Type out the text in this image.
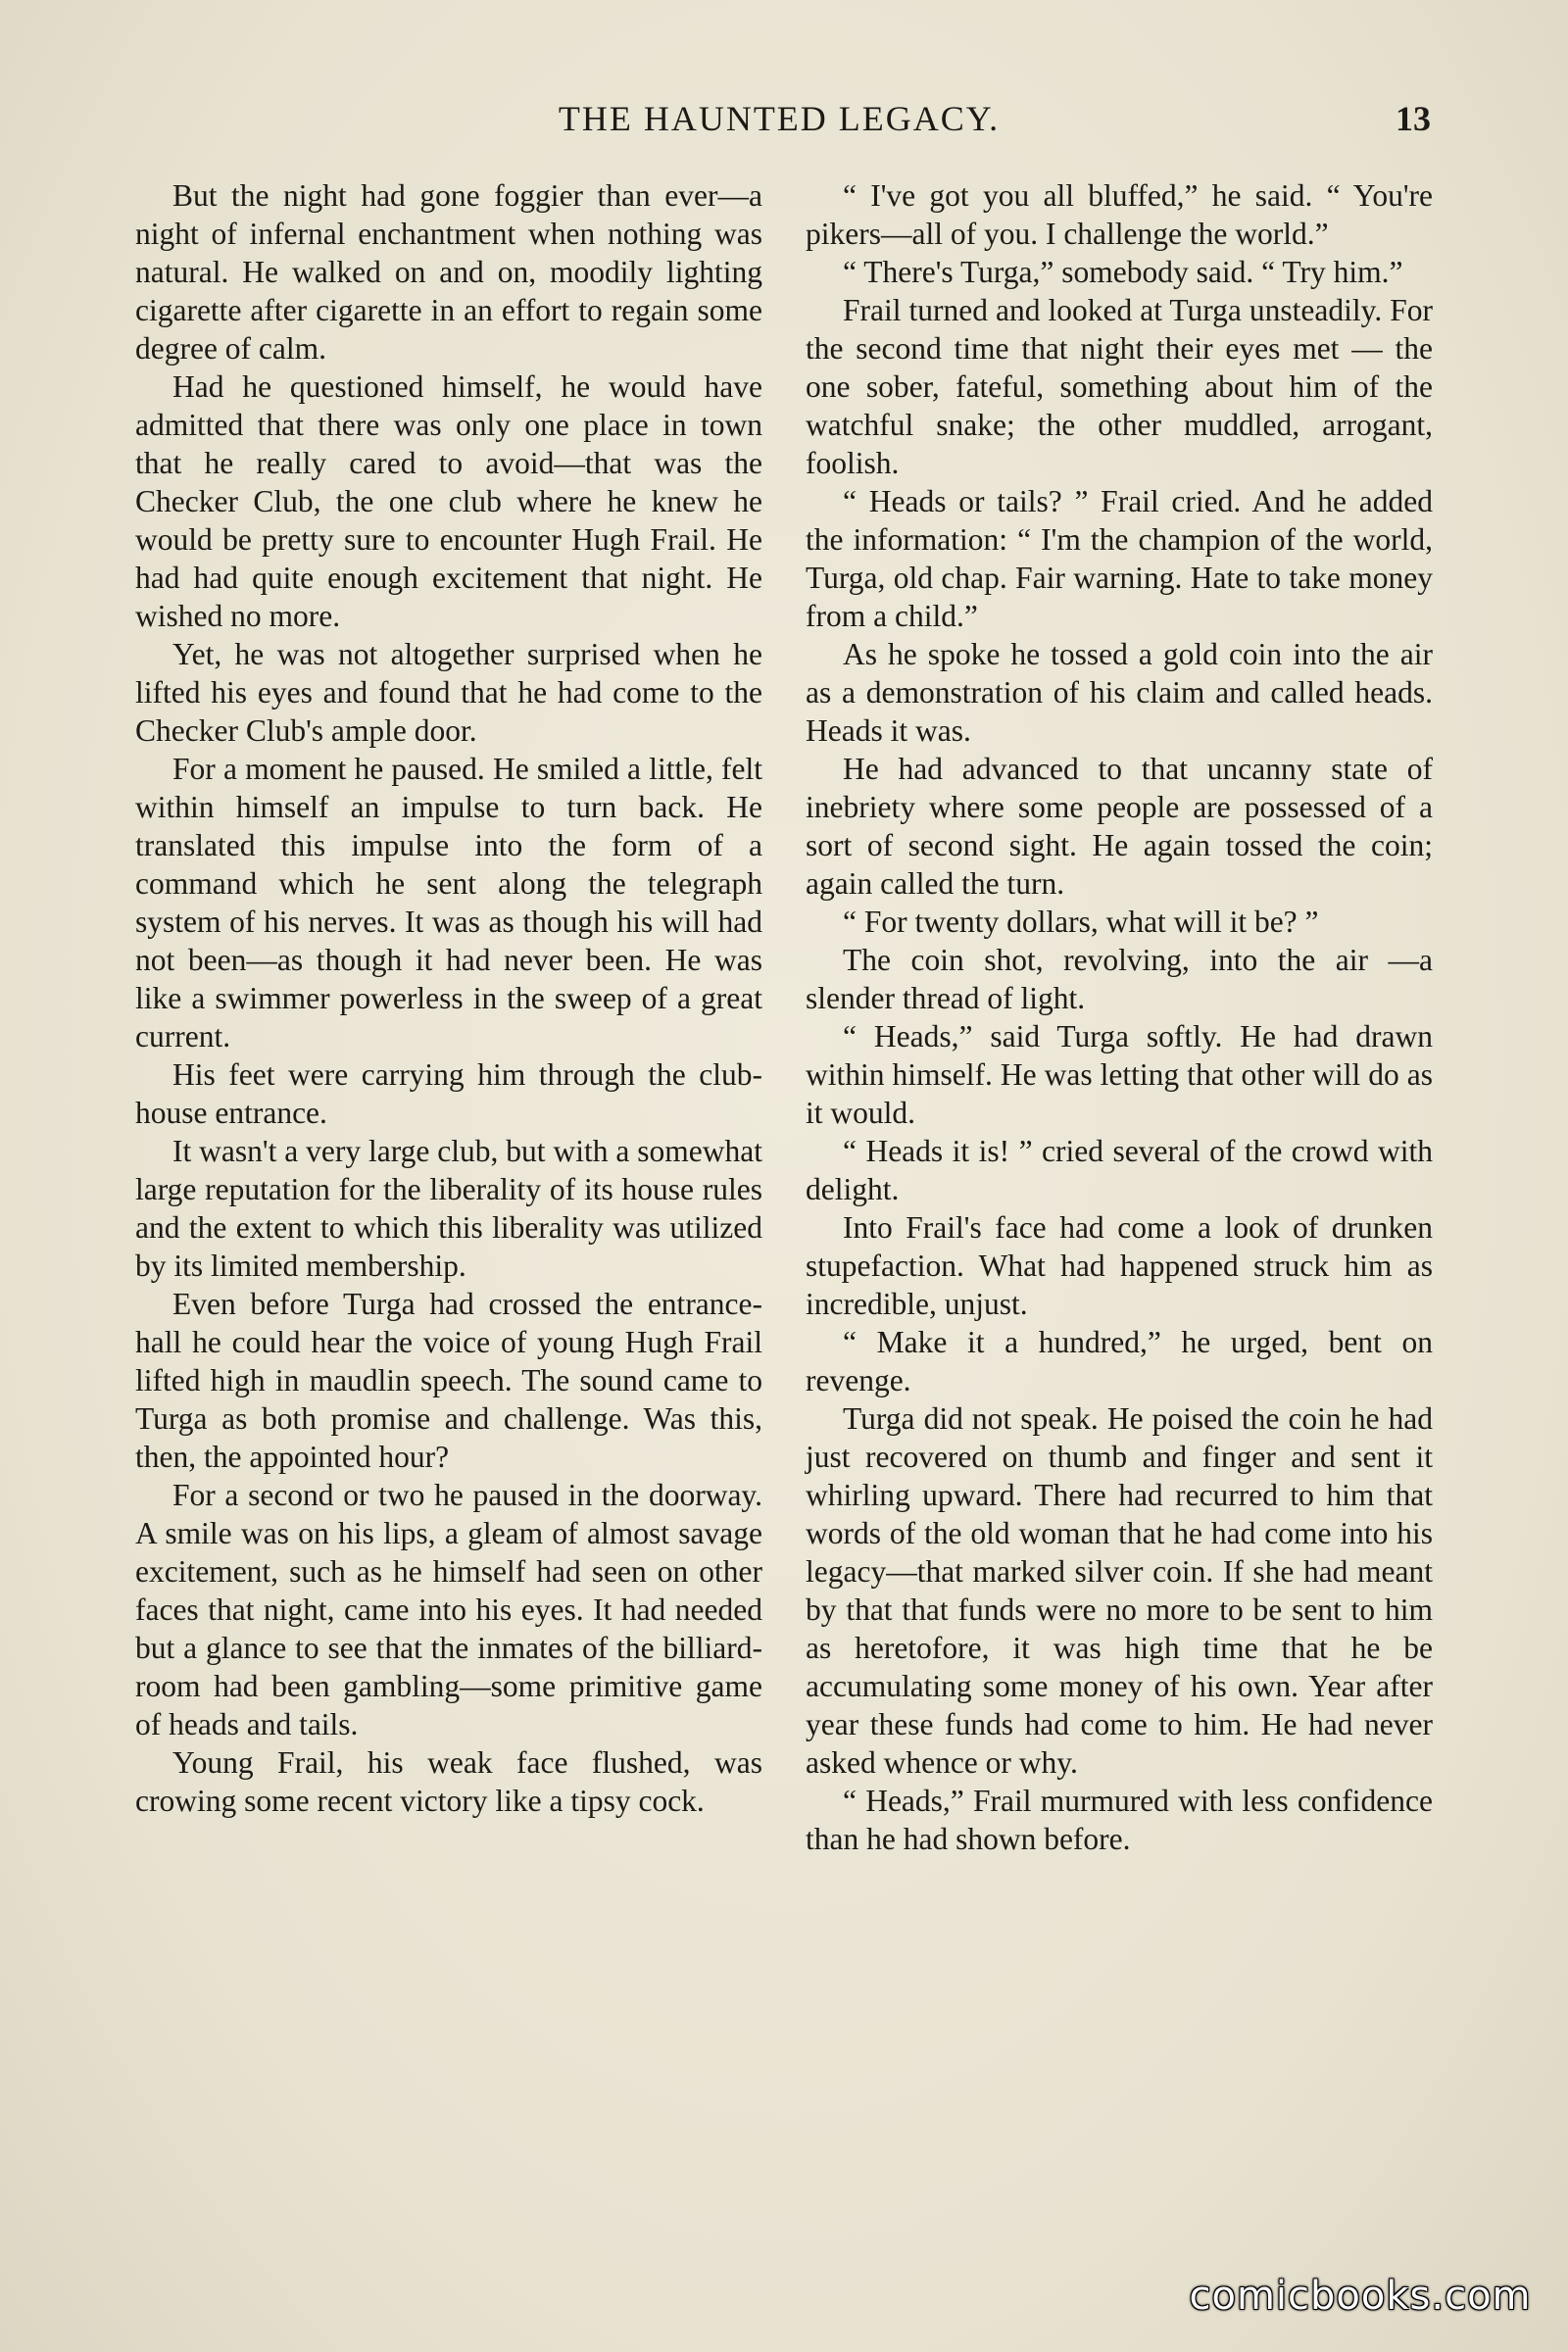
THE HAUNTED LEGACY.	13

But the night had gone foggier than ever—a night of infernal enchantment when nothing was natural. He walked on and on, moodily lighting cigarette after cigarette in an effort to regain some degree of calm.

Had he questioned himself, he would have admitted that there was only one place in town that he really cared to avoid—that was the Checker Club, the one club where he knew he would be pretty sure to encounter Hugh Frail. He had had quite enough excitement that night. He wished no more.

Yet, he was not altogether surprised when he lifted his eyes and found that he had come to the Checker Club's ample door.

For a moment he paused. He smiled a little, felt within himself an impulse to turn back. He translated this impulse into the form of a command which he sent along the telegraph system of his nerves. It was as though his will had not been—as though it had never been. He was like a swimmer powerless in the sweep of a great current.

His feet were carrying him through the club-house entrance.

It wasn't a very large club, but with a somewhat large reputation for the liberality of its house rules and the extent to which this liberality was utilized by its limited membership.

Even before Turga had crossed the entrance-hall he could hear the voice of young Hugh Frail lifted high in maudlin speech. The sound came to Turga as both promise and challenge. Was this, then, the appointed hour?

For a second or two he paused in the doorway. A smile was on his lips, a gleam of almost savage excitement, such as he himself had seen on other faces that night, came into his eyes. It had needed but a glance to see that the inmates of the billiard-room had been gambling—some primitive game of heads and tails.

Young Frail, his weak face flushed, was crowing some recent victory like a tipsy cock.

“ I've got you all bluffed,” he said. “ You're pikers—all of you. I challenge the world.”

“ There's Turga,” somebody said. “ Try him.”

Frail turned and looked at Turga unsteadily. For the second time that night their eyes met — the one sober, fateful, something about him of the watchful snake; the other muddled, arrogant, foolish.

“ Heads or tails? ” Frail cried. And he added the information: “ I'm the champion of the world, Turga, old chap. Fair warning. Hate to take money from a child.”

As he spoke he tossed a gold coin into the air as a demonstration of his claim and called heads. Heads it was.

He had advanced to that uncanny state of inebriety where some people are possessed of a sort of second sight. He again tossed the coin; again called the turn.

“ For twenty dollars, what will it be? ”

The coin shot, revolving, into the air —a slender thread of light.

“ Heads,” said Turga softly. He had drawn within himself. He was letting that other will do as it would.

“ Heads it is! ” cried several of the crowd with delight.

Into Frail's face had come a look of drunken stupefaction. What had happened struck him as incredible, unjust.

“ Make it a hundred,” he urged, bent on revenge.

Turga did not speak. He poised the coin he had just recovered on thumb and finger and sent it whirling upward. There had recurred to him that words of the old woman that he had come into his legacy—that marked silver coin. If she had meant by that that funds were no more to be sent to him as heretofore, it was high time that he be accumulating some money of his own. Year after year these funds had come to him. He had never asked whence or why.

“ Heads,” Frail murmured with less confidence than he had shown before.

comicbooks.com
